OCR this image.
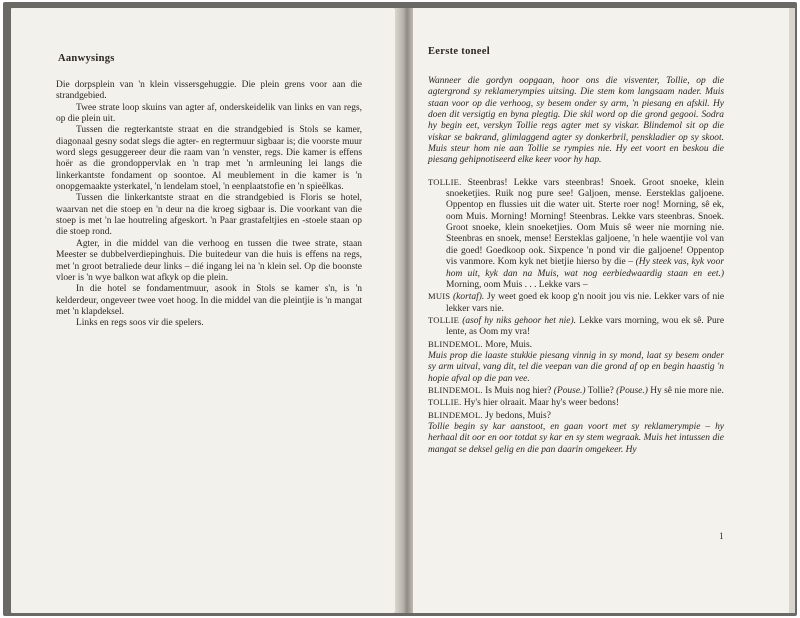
Aanwysings

Die dorpsplein van 'n klein vissersgehuggie. Die plein grens voor aan die strandgebied.

Twee strate loop skuins van agter af, onderskeidelik van links en van regs, op die plein uit.

Tussen die regterkantste straat en die strandgebied is Stols se kamer, diagonaal gesny sodat slegs die agter- en regtermuur sigbaar is; die voorste muur word slegs gesuggereer deur die raam van 'n venster, regs. Die kamer is effens hoër as die grondoppervlak en 'n trap met 'n armleuning lei langs die linkerkantste fondament op soontoe. Al meublement in die kamer is 'n onopgemaakte ysterkatel, 'n lendelam stoel, 'n eenplaatstofie en 'n spieëlkas.

Tussen die linkerkantste straat en die strandgebied is Floris se hotel, waarvan net die stoep en 'n deur na die kroeg sigbaar is. Die voorkant van die stoep is met 'n lae houtreling afgeskort. 'n Paar grastafeltjies en -stoele staan op die stoep rond.

Agter, in die middel van die verhoog en tussen die twee strate, staan Meester se dubbelverdiepinghuis. Die buitedeur van die huis is effens na regs, met 'n groot betraliede deur links – dié ingang lei na 'n klein sel. Op die boonste vloer is 'n wye balkon wat afkyk op die plein.

In die hotel se fondamentmuur, asook in Stols se kamer s'n, is 'n kelderdeur, ongeveer twee voet hoog. In die middel van die pleintjie is 'n mangat met 'n klapdeksel.

Links en regs soos vir die spelers.

Eerste toneel

Wanneer die gordyn oopgaan, hoor ons die visventer, Tollie, op die agtergrond sy reklamerympies uitsing. Die stem kom langsaam nader. Muis staan voor op die verhoog, sy besem onder sy arm, 'n piesang en afskil. Hy doen dit versigtig en byna plegtig. Die skil word op die grond gegooi. Sodra hy begin eet, verskyn Tollie regs agter met sy viskar. Blindemol sit op die viskar se bakrand, glimlaggend agter sy donkerbril, penskladier op sy skoot. Muis steur hom nie aan Tollie se rympies nie. Hy eet voort en beskou die piesang gehipnotiseerd elke keer voor hy hap.

TOLLIE. Steenbras! Lekke vars steenbras! Snoek. Groot snoeke, klein snoeketjies. Ruik nog pure see! Galjoen, mense. Eersteklas galjoene. Oppentop en flussies uit die water uit. Sterte roer nog! Morning, sê ek, oom Muis. Morning! Morning! Steenbras. Lekke vars steenbras. Snoek. Groot snoeke, klein snoeketjies. Oom Muis sê weer nie morning nie. Steenbras en snoek, mense! Eersteklas galjoene, 'n hele waentjie vol van die goed! Goedkoop ook. Sixpence 'n pond vir die galjoene! Oppentop vis vanmore. Kom kyk net bietjie hierso by die – (Hy steek vas, kyk voor hom uit, kyk dan na Muis, wat nog eerbiedwaardig staan en eet.) Morning, oom Muis . . . Lekke vars –

MUIS (kortaf). Jy weet goed ek koop g'n nooit jou vis nie. Lekker vars of nie lekker vars nie.

TOLLIE (asof hy niks gehoor het nie). Lekke vars morning, wou ek sê. Pure lente, as Oom my vra!

BLINDEMOL. More, Muis.

Muis prop die laaste stukkie piesang vinnig in sy mond, laat sy besem onder sy arm uitval, vang dit, tel die veepan van die grond af op en begin haastig 'n hopie afval op die pan vee.

BLINDEMOL. Is Muis nog hier? (Pouse.) Tollie? (Pouse.) Hy sê nie more nie.

TOLLIE. Hy's hier olraait. Maar hy's weer bedons!

BLINDEMOL. Jy bedons, Muis?

Tollie begin sy kar aanstoot, en gaan voort met sy reklamerympie – hy herhaal dit oor en oor totdat sy kar en sy stem wegraak. Muis het intussen die mangat se deksel gelig en die pan daarin omgekeer. Hy

1
